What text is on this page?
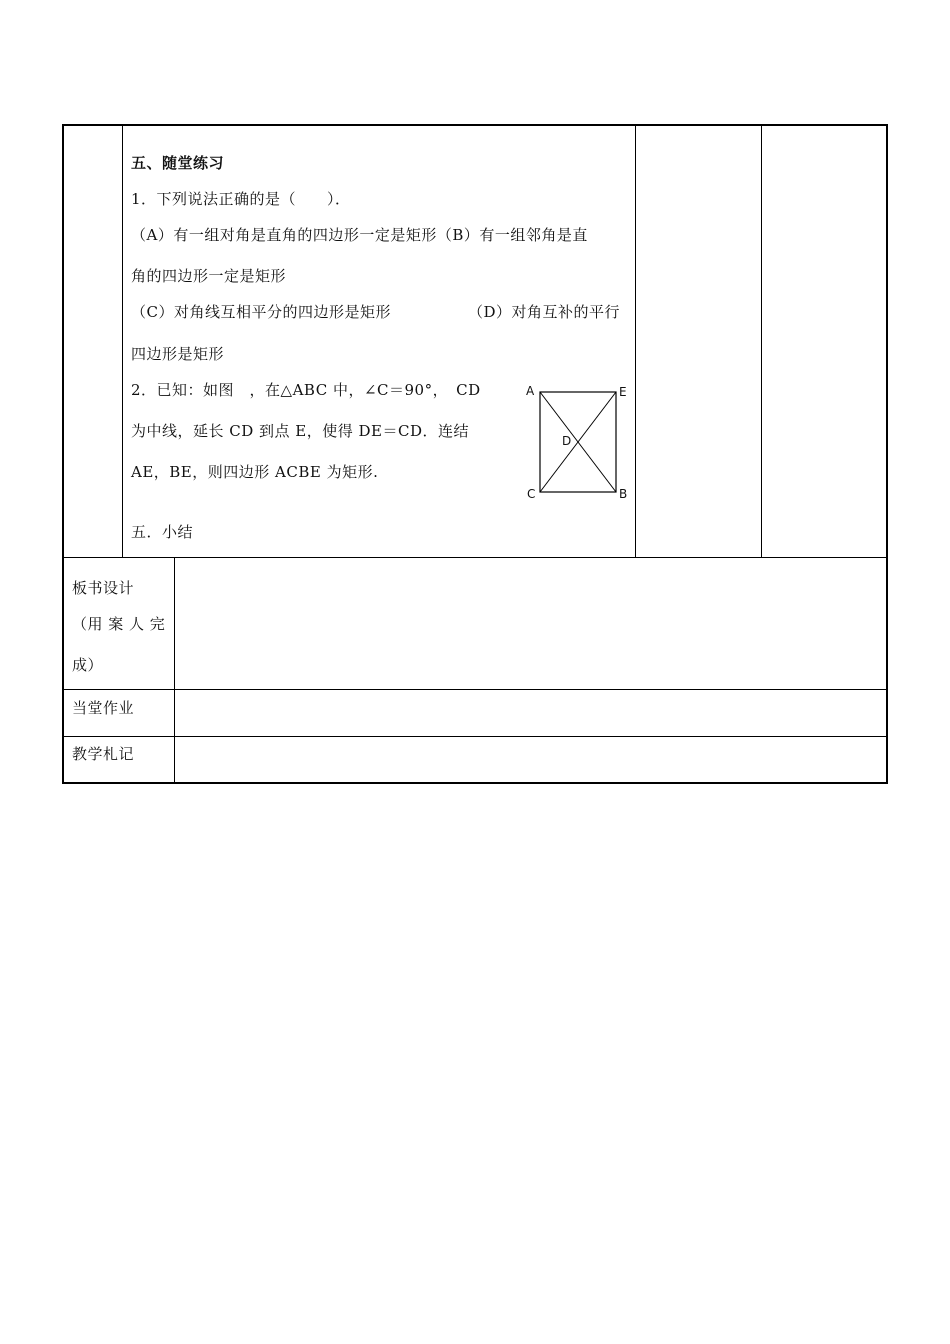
五、随堂练习
1．下列说法正确的是（　　）．
（A）有一组对角是直角的四边形一定是矩形（B）有一组邻角是直
角的四边形一定是矩形
（C）对角线互相平分的四边形是矩形	（D）对角互补的平行
四边形是矩形
2．已知：如图　，在△ABC 中，∠C＝90°，　CD
为中线，延长 CD 到点 E，使得 DE＝CD．连结
AE，BE，则四边形 ACBE 为矩形.
A	E
D
C	B
五．小结
板书设计
（用 案 人 完
成）
当堂作业
教学札记
